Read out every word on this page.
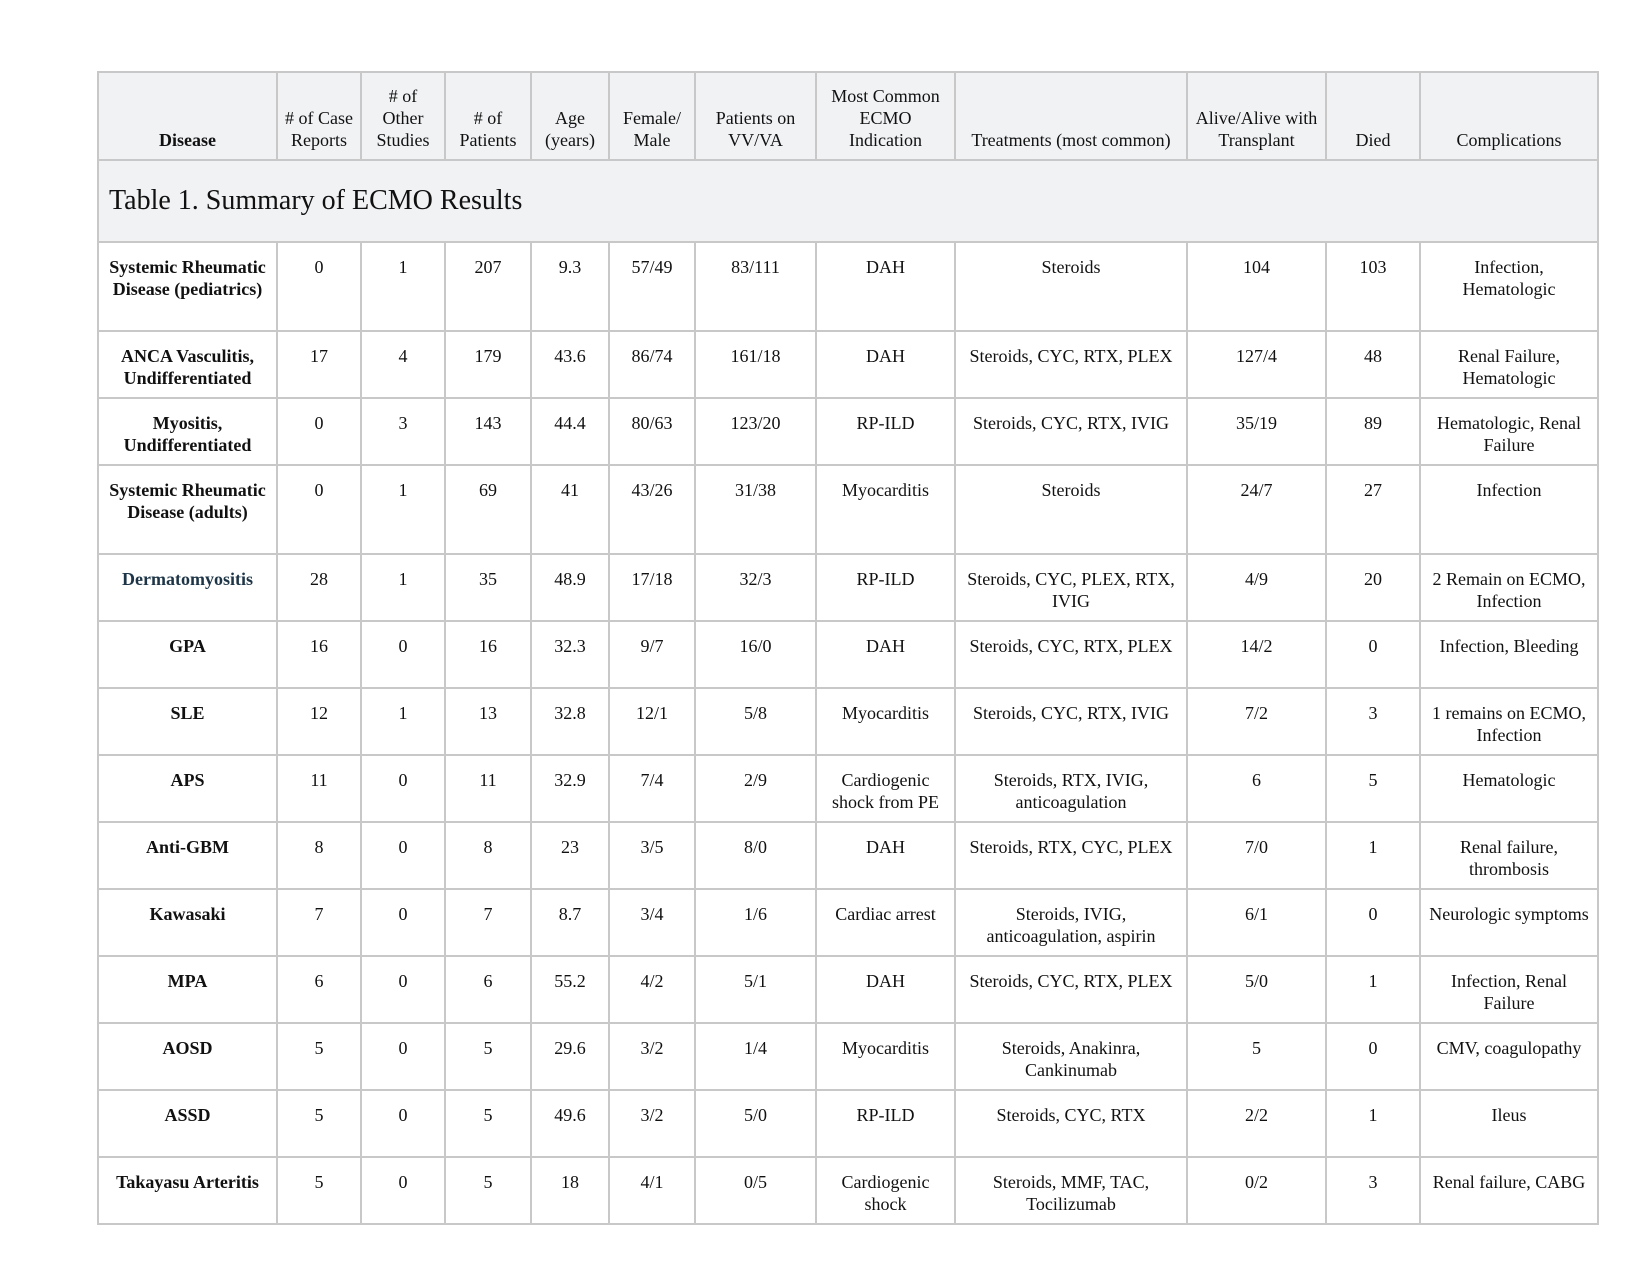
Table 1. Summary of ECMO Results											
Disease	# of Case Reports	# of Other Studies	# of Patients	Age (years)	Female/ Male	Patients on VV/VA	Most Common ECMO Indication	Treatments (most common)	Alive/Alive with Transplant	Died	Complications
Systemic Rheumatic Disease (pediatrics)	0	1	207	9.3	57/49	83/111	DAH	Steroids	104	103	Infection, Hematologic
ANCA Vasculitis, Undifferentiated	17	4	179	43.6	86/74	161/18	DAH	Steroids, CYC, RTX, PLEX	127/4	48	Renal Failure, Hematologic
Myositis, Undifferentiated	0	3	143	44.4	80/63	123/20	RP-ILD	Steroids, CYC, RTX, IVIG	35/19	89	Hematologic, Renal Failure
Systemic Rheumatic Disease (adults)	0	1	69	41	43/26	31/38	Myocarditis	Steroids	24/7	27	Infection
Dermatomyositis	28	1	35	48.9	17/18	32/3	RP-ILD	Steroids, CYC, PLEX, RTX, IVIG	4/9	20	2 Remain on ECMO, Infection
GPA	16	0	16	32.3	9/7	16/0	DAH	Steroids, CYC, RTX, PLEX	14/2	0	Infection, Bleeding
SLE	12	1	13	32.8	12/1	5/8	Myocarditis	Steroids, CYC, RTX, IVIG	7/2	3	1 remains on ECMO, Infection
APS	11	0	11	32.9	7/4	2/9	Cardiogenic shock from PE	Steroids, RTX, IVIG, anticoagulation	6	5	Hematologic
Anti-GBM	8	0	8	23	3/5	8/0	DAH	Steroids, RTX, CYC, PLEX	7/0	1	Renal failure, thrombosis
Kawasaki	7	0	7	8.7	3/4	1/6	Cardiac arrest	Steroids, IVIG, anticoagulation, aspirin	6/1	0	Neurologic symptoms
MPA	6	0	6	55.2	4/2	5/1	DAH	Steroids, CYC, RTX, PLEX	5/0	1	Infection, Renal Failure
AOSD	5	0	5	29.6	3/2	1/4	Myocarditis	Steroids, Anakinra, Cankinumab	5	0	CMV, coagulopathy
ASSD	5	0	5	49.6	3/2	5/0	RP-ILD	Steroids, CYC, RTX	2/2	1	Ileus
Takayasu Arteritis	5	0	5	18	4/1	0/5	Cardiogenic shock	Steroids, MMF, TAC, Tocilizumab	0/2	3	Renal failure, CABG
